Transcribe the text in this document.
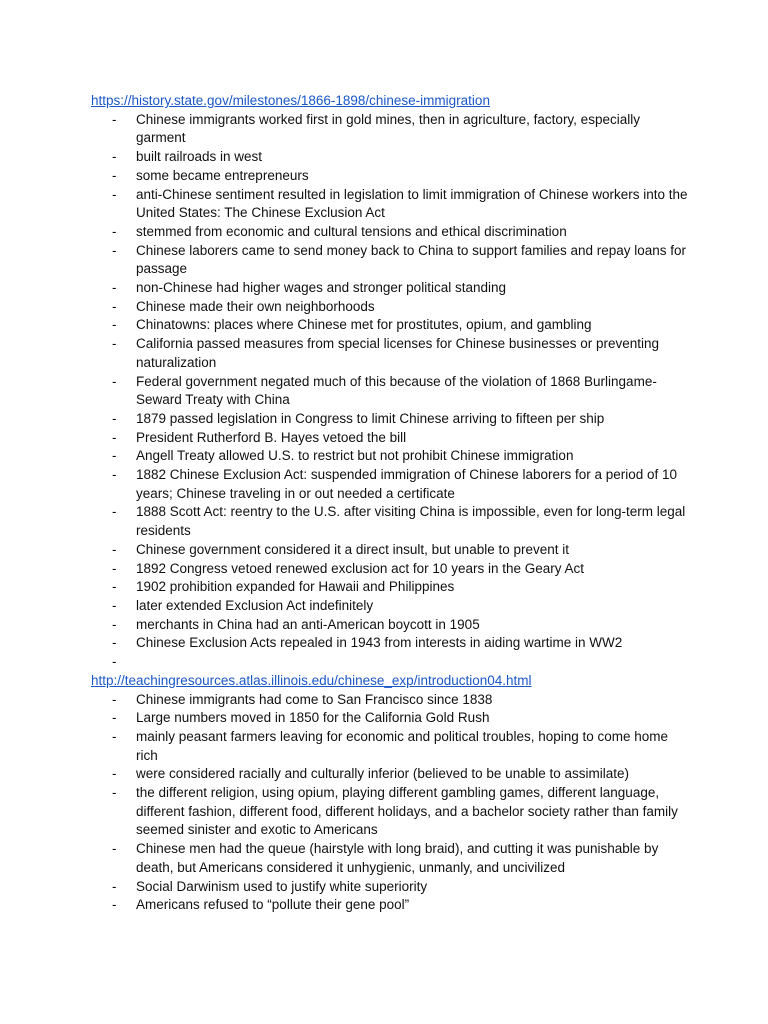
https://history.state.gov/milestones/1866-1898/chinese-immigration
- Chinese immigrants worked first in gold mines, then in agriculture, factory, especially garment
- built railroads in west
- some became entrepreneurs
- anti-Chinese sentiment resulted in legislation to limit immigration of Chinese workers into the United States: The Chinese Exclusion Act
- stemmed from economic and cultural tensions and ethical discrimination
- Chinese laborers came to send money back to China to support families and repay loans for passage
- non-Chinese had higher wages and stronger political standing
- Chinese made their own neighborhoods
- Chinatowns: places where Chinese met for prostitutes, opium, and gambling
- California passed measures from special licenses for Chinese businesses or preventing naturalization
- Federal government negated much of this because of the violation of 1868 Burlingame-Seward Treaty with China
- 1879 passed legislation in Congress to limit Chinese arriving to fifteen per ship
- President Rutherford B. Hayes vetoed the bill
- Angell Treaty allowed U.S. to restrict but not prohibit Chinese immigration
- 1882 Chinese Exclusion Act: suspended immigration of Chinese laborers for a period of 10 years; Chinese traveling in or out needed a certificate
- 1888 Scott Act: reentry to the U.S. after visiting China is impossible, even for long-term legal residents
- Chinese government considered it a direct insult, but unable to prevent it
- 1892 Congress vetoed renewed exclusion act for 10 years in the Geary Act
- 1902 prohibition expanded for Hawaii and Philippines
- later extended Exclusion Act indefinitely
- merchants in China had an anti-American boycott in 1905
- Chinese Exclusion Acts repealed in 1943 from interests in aiding wartime in WW2
-
http://teachingresources.atlas.illinois.edu/chinese_exp/introduction04.html
- Chinese immigrants had come to San Francisco since 1838
- Large numbers moved in 1850 for the California Gold Rush
- mainly peasant farmers leaving for economic and political troubles, hoping to come home rich
- were considered racially and culturally inferior (believed to be unable to assimilate)
- the different religion, using opium, playing different gambling games, different language, different fashion, different food, different holidays, and a bachelor society rather than family seemed sinister and exotic to Americans
- Chinese men had the queue (hairstyle with long braid), and cutting it was punishable by death, but Americans considered it unhygienic, unmanly, and uncivilized
- Social Darwinism used to justify white superiority
- Americans refused to “pollute their gene pool”
